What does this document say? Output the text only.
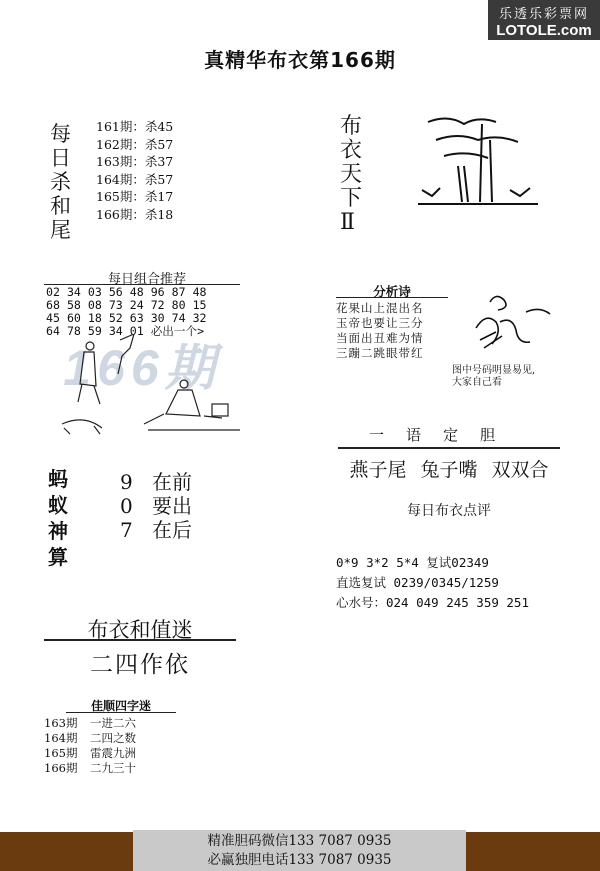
乐透乐彩票网
LOTOLE.com
真精华布衣第166期
每日杀和尾
161期：杀45
162期：杀57
163期：杀37
164期：杀57
165期：杀17
166期：杀18
每日组合推荐
166期
02 34 03 56 48 96 87 48
68 58 08 73 24 72 80 15
45 60 18 52 63 30 74 32
64 78 59 34 01 必出一个>
蚂蚁神算
9 在前
0 要出
7 在后
布衣和值迷
二四作依
佳顺四字迷
163期 一进二六
164期 二四之数
165期 雷震九洲
166期 二九三十
布衣天下Ⅱ
分析诗
花果山上混出名
玉帝也要让三分
当面出丑难为情
三蹦二跳眼带红
图中号码明显易见,
大家自己看
一语定胆
燕子尾 兔子嘴 双双合
每日布衣点评
0*9 3*2 5*4 复试02349
直选复试 0239/0345/1259
心水号：024 049 245 359 251
精准胆码微信133 7087 0935
必赢独胆电话133 7087 0935
